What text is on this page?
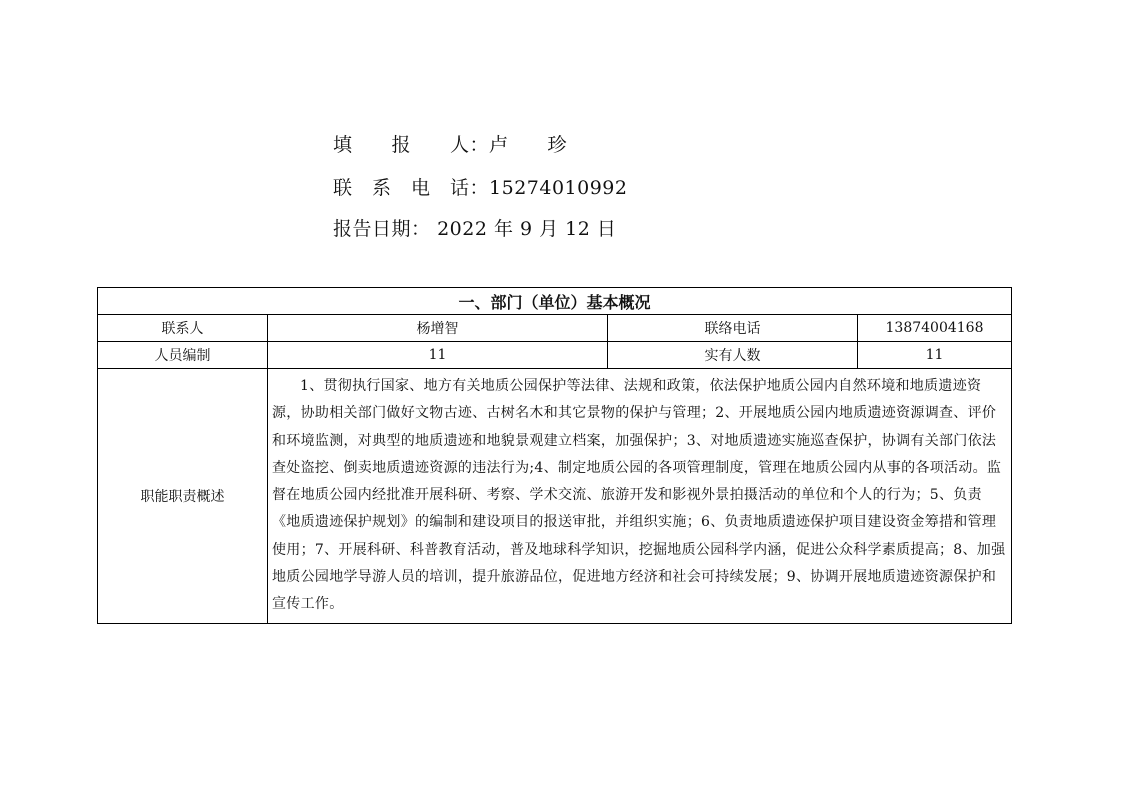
填　　报　　人：卢　　珍
联　系　电　话：15274010992
报告日期： 2022 年 9 月 12 日
一、部门（单位）基本概况			
联系人	杨增智	联络电话	13874004168
人员编制	11	实有人数	11
职能职责概述	1、贯彻执行国家、地方有关地质公园保护等法律、法规和政策，依法保护地质公园内自然环境和地质遗迹资源，协助相关部门做好文物古迹、古树名木和其它景物的保护与管理；2、开展地质公园内地质遗迹资源调查、评价和环境监测，对典型的地质遗迹和地貌景观建立档案，加强保护；3、对地质遗迹实施巡查保护，协调有关部门依法查处盗挖、倒卖地质遗迹资源的违法行为;4、制定地质公园的各项管理制度，管理在地质公园内从事的各项活动。监督在地质公园内经批准开展科研、考察、学术交流、旅游开发和影视外景拍摄活动的单位和个人的行为；5、负责《地质遗迹保护规划》的编制和建设项目的报送审批，并组织实施；6、负责地质遗迹保护项目建设资金筹措和管理使用；7、开展科研、科普教育活动，普及地球科学知识，挖掘地质公园科学内涵，促进公众科学素质提高；8、加强地质公园地学导游人员的培训，提升旅游品位，促进地方经济和社会可持续发展；9、协调开展地质遗迹资源保护和宣传工作。		
